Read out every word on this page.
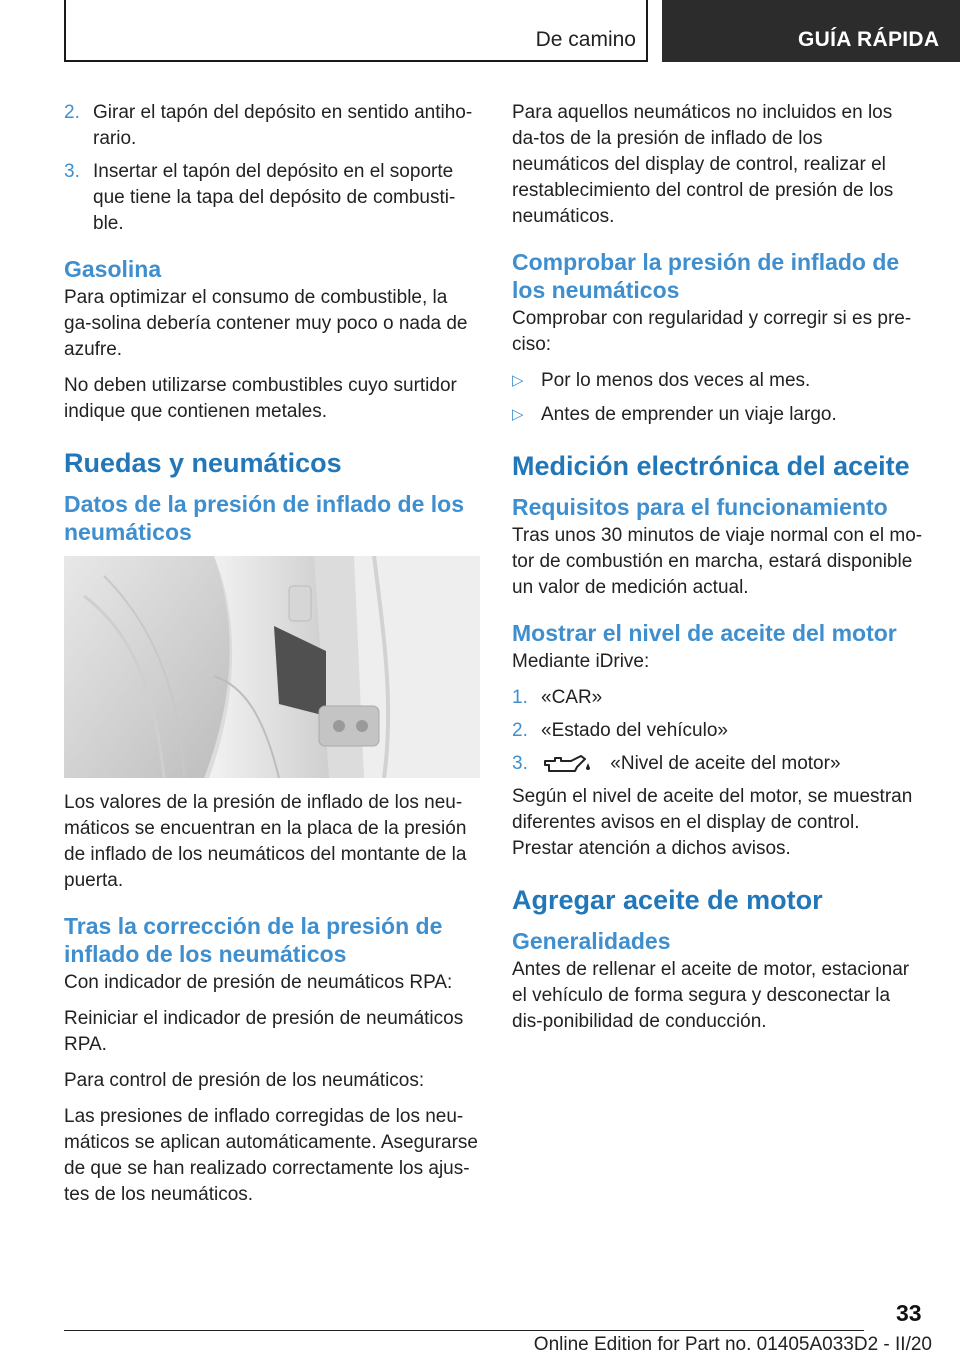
De camino	GUÍA RÁPIDA
2. Girar el tapón del depósito en sentido antiho-rario.
3. Insertar el tapón del depósito en el soporte que tiene la tapa del depósito de combusti-ble.
Gasolina

Para optimizar el consumo de combustible, la ga-solina debería contener muy poco o nada de azufre.

No deben utilizarse combustibles cuyo surtidor indique que contienen metales.

Ruedas y neumáticos
Datos de la presión de inflado de los neumáticos

Los valores de la presión de inflado de los neu-máticos se encuentran en la placa de la presión de inflado de los neumáticos del montante de la puerta.

Tras la corrección de la presión de inflado de los neumáticos

Con indicador de presión de neumáticos RPA:

Reiniciar el indicador de presión de neumáticos RPA.

Para control de presión de los neumáticos:

Las presiones de inflado corregidas de los neu-máticos se aplican automáticamente. Asegurarse de que se han realizado correctamente los ajus-tes de los neumáticos.

Para aquellos neumáticos no incluidos en los da-tos de la presión de inflado de los neumáticos del display de control, realizar el restablecimiento del control de presión de los neumáticos.

Comprobar la presión de inflado de los neumáticos

Comprobar con regularidad y corregir si es pre-ciso:

▷ Por lo menos dos veces al mes.
▷ Antes de emprender un viaje largo.
Medición electrónica del aceite
Requisitos para el funcionamiento

Tras unos 30 minutos de viaje normal con el mo-tor de combustión en marcha, estará disponible un valor de medición actual.

Mostrar el nivel de aceite del motor

Mediante iDrive:

1. «CAR»
2. «Estado del vehículo»
3.	«Nivel de aceite del motor»

Según el nivel de aceite del motor, se muestran diferentes avisos en el display de control. Prestar atención a dichos avisos.

Agregar aceite de motor
Generalidades

Antes de rellenar el aceite de motor, estacionar el vehículo de forma segura y desconectar la dis-ponibilidad de conducción.

33
Online Edition for Part no. 01405A033D2 - II/20
